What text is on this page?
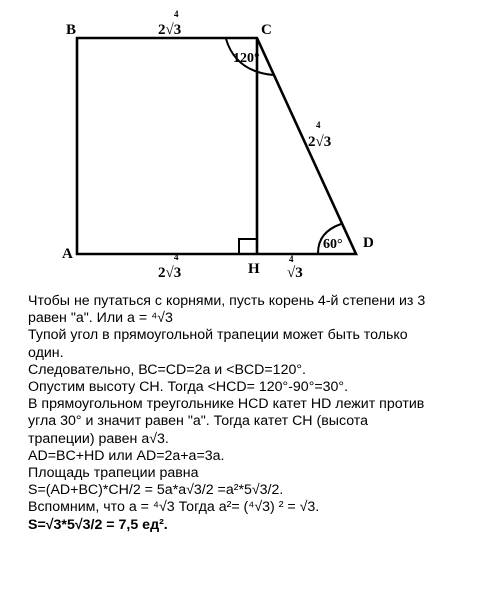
B	C
A
D
H
4
2√3
4
2√3
4
√3
4
2√3
120°
60°
Чтобы не путаться с корнями, пусть корень 4-й степени из 3
равен "а". Или а = ⁴√3
Тупой угол в прямоугольной трапеции может быть только
один.
Следовательно, ВС=CD=2a и <BCD=120°.
Опустим высоту СН. Тогда <HCD= 120°-90°=30°.
В прямоугольном треугольнике HCD катет HD лежит против
угла 30° и значит равен "а". Тогда катет СН (высота
трапеции) равен а√3.
AD=BC+HD или AD=2a+a=3a.
Площадь трапеции равна
S=(AD+BC)*CH/2 = 5a*a√3/2 =a²*5√3/2.
Вспомним, что а = ⁴√3 Тогда a²= (⁴√3) ² = √3.
S=√3*5√3/2 = 7,5 ед².
